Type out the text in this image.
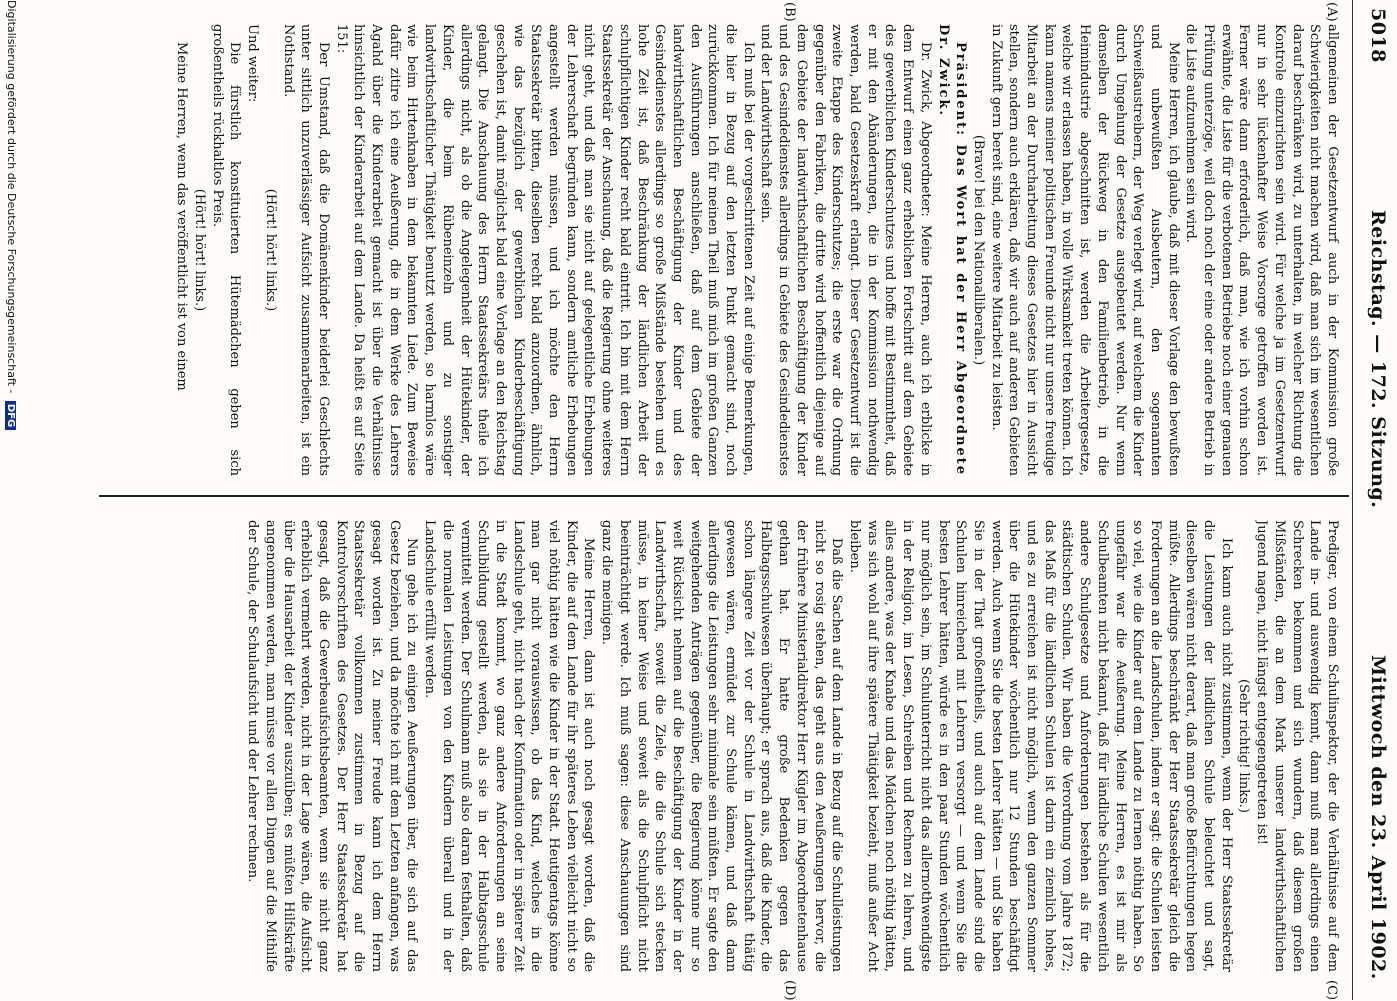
5018
Reichstag. — 172. Sitzung.
Mittwoch den 23. April 1902.
(A)
(B)
(C)
(D)

allgemeinen der Gesetzentwurf auch in der Kommission große Schwierigkeiten nicht machen wird, daß man sich im wesentlichen darauf beschränken wird, zu unterhalten, in welcher Richtung die Kontrole einzurichten sein wird. Für welche ja im Gesetzentwurf nur in sehr lückenhafter Weise Vorsorge getroffen worden ist. Ferner wäre dann erforderlich, daß man, wie ich vorhin schon erwähnte, die Liste für die verbotenen Betriebe noch einer genauen Prüfung unterzöge, weil doch noch der eine oder andere Betrieb in die Liste aufzunehmen sein wird.

Meine Herren, ich glaube, daß mit dieser Vorlage den bewußten und unbewußten Ausbeutern, den sogenannten Schweißaustreibern, der Weg verlegt wird, auf welchem die Kinder durch Umgehung der Gesetze ausgebeutet werden. Nur wenn demselben der Rückweg in den Familienbetrieb, in die Heimindustrie abgeschnitten ist, werden die Arbeitergesetze, welche wir erlassen haben, in volle Wirksamkeit treten können. Ich kann namens meiner politischen Freunde nicht nur unsere freudige Mitarbeit an der Durcharbeitung dieses Gesetzes hier in Aussicht stellen, sondern auch erklären, daß wir auch auf anderen Gebieten in Zukunft gern bereit sind, eine weitere Mitarbeit zu leisten.

(Bravo! bei den Nationalliberalen.)

Präsident: Das Wort hat der Herr Abgeordnete Dr. Zwick.

Dr. Zwick, Abgeordneter: Meine Herren, auch ich erblicke in dem Entwurf einen ganz erheblichen Fortschritt auf dem Gebiete des gewerblichen Kinderschutzes und hoffe mit Bestimmtheit, daß er mit den Abänderungen, die in der Kommission nothwendig werden, bald Gesetzeskraft erlangt. Dieser Gesetzentwurf ist die zweite Etappe des Kinderschutzes; die erste war die Ordnung gegenüber den Fabriken, die dritte wird hoffentlich diejenige auf dem Gebiete der landwirthschaftlichen Beschäftigung der Kinder und des Gesindedienstes allerdings in Gebiete des Gesindedienstes und der Landwirthschaft sein.

Ich muß bei der vorgeschrittenen Zeit auf einige Bemerkungen, die hier in Bezug auf den letzten Punkt gemacht sind, noch zurückkommen. Ich für meinen Theil muß mich im großen Ganzen den Ausführungen anschließen, daß auf dem Gebiete der landwirthschaftlichen Beschäftigung der Kinder und des Gesindedienstes allerdings so große Mißstände bestehen und es hohe Zeit ist, daß Beschränkung der ländlichen Arbeit der schulpflichtigen Kinder recht bald eintritt. Ich bin mit dem Herrn Staatssekretär der Anschauung, daß die Regierung ohne weiteres nicht geht, und daß man sie nicht auf gelegentliche Erhebungen der Lehrerschaft begründen kann, sondern amtliche Erhebungen angestellt werden müssen, und ich möchte den Herrn Staatssekretär bitten, dieselben recht bald anzuordnen, ähnlich, wie das bezüglich der gewerblichen Kinderbeschäftigung geschehen ist, damit möglichst bald eine Vorlage an den Reichstag gelangt. Die Anschauung des Herrn Staatssekretärs theile ich allerdings nicht, als ob die Angelegenheit der Hütekinder, der Kinder, die beim Rübeneinzeln und zu sonstiger landwirthschaftlicher Thätigkeit benutzt werden, so harmlos wäre wie beim Hirtenknaben in dem bekannten Liede. Zum Beweise dafür zitire ich eine Aeußerung, die in dem Werke des Lehrers Agahd über die Kinderarbeit gemacht ist über die Verhältnisse hinsichtlich der Kinderarbeit auf dem Lande. Da heißt es auf Seite 151:

Der Umstand, daß die Domänenkinder beiderlei Geschlechts unter sittlich unzuverlässiger Aufsicht zusammenarbeiten, ist ein Nothstand.

(Hört! hört! links.)

Und weiter:

Die fürstlich konstituierten Hütemädchen geben sich großentheils rückhaltlos Preis.

(Hört! hört! links.)

Meine Herren, wenn das veröffentlicht ist von einem

Prediger, von einem Schulinspektor, der die Verhältnisse auf dem Lande in- und auswendig kennt, dann muß man allerdings einen Schrecken bekommen und sich wundern, daß diesem großen Mißständen, die an dem Mark unserer landwirthschaftlichen Jugend nagen, nicht längst entgegengetreten ist!

(Sehr richtig! links.)

Ich kann auch nicht zustimmen, wenn der Herr Staatssekretär die Leistungen der ländlichen Schule beleuchtet und sagt, dieselben wären nicht derart, daß man große Befürchtungen hegen müßte. Allerdings beschränkt der Herr Staatssekretär gleich die Forderungen an die Landschulen, indem er sagt: die Schulen leisten so viel, wie die Kinder auf dem Lande zu lernen nöthig haben. So ungefähr war die Aeußerung. Meine Herren, es ist mir als Schulbeamten nicht bekannt, daß für ländliche Schulen wesentlich andere Schulgesetze und Anforderungen bestehen als für die städtischen Schulen. Wir haben die Verordnung vom Jahre 1872; das Maß für die ländlichen Schulen ist darin ein ziemlich hohes, und es zu erreichen ist nicht möglich, wenn den ganzen Sommer über die Hütekinder wöchentlich nur 12 Stunden beschäftigt werden. Auch wenn Sie die besten Lehrer hätten — und Sie haben Sie in der That großentheils, und auch auf dem Lande sind die Schulen hinreichend mit Lehrern versorgt — und wenn Sie die besten Lehrer hätten, würde es in den paar Stunden wöchentlich nur möglich sein, im Schulunterricht nicht das allernothwendigste in der Religion, im Lesen, Schreiben und Rechnen zu lehren, und alles andere, was der Knabe und das Mädchen noch nöthig hätten, was sich wohl auf ihre spätere Thätigkeit bezieht, muß außer Acht bleiben.

Daß die Sachen auf dem Lande in Bezug auf die Schulleistungen nicht so rosig stehen, das geht aus den Aeußerungen hervor, die der frühere Ministerialdirektor Herr Kügler im Abgeordnetenhause gethan hat. Er hatte große Bedenken gegen das Halbtagsschulwesen überhaupt; er sprach aus, daß die Kinder, die schon längere Zeit vor der Schule in Landwirthschaft thätig gewesen wären, ermüdet zur Schule kämen, und daß dann allerdings die Leistungen sehr minimale sein müßten. Er sagte den weitgehenden Anträgen gegenüber, die Regierung könne nur so weit Rücksicht nehmen auf die Beschäftigung der Kinder in der Landwirthschaft, soweit die Ziele, die die Schule sich stecken müsse, in keiner Weise und soweit als die Schulpflicht nicht beeinträchtigt werde. Ich muß sagen: diese Anschauungen sind ganz die meinigen.

Meine Herren, dann ist auch noch gesagt worden, daß die Kinder, die auf dem Lande für ihr späteres Leben vielleicht nicht so viel nöthig hätten wie die Kinder in der Stadt. Heutigentags könne man gar nicht vorauswissen, ob das Kind, welches in die Landschule geht, nicht nach der Konfirmation oder in späterer Zeit in die Stadt kommt, wo ganz andere Anforderungen an seine Schulbildung gestellt werden, als sie in der Halbtagsschule vermittelt werden. Der Schulmann muß also daran festhalten, daß die normalen Leistungen von den Kindern überall und in der Landschule erfüllt werden.

Nun gehe ich zu einigen Aeußerungen über, die sich auf das Gesetz beziehen, und da möchte ich mit dem Letzten anfangen, was gesagt worden ist. Zu meiner Freude kann ich dem Herrn Staatssekretär vollkommen zustimmen in Bezug auf die Kontrolvorschriften des Gesetzes. Der Herr Staatssekretär hat gesagt, daß die Gewerbeaufsichtsbeamten, wenn sie nicht ganz erheblich vermehrt werden, nicht in der Lage wären, die Aufsicht über die Hausarbeit der Kinder auszuüben; es müßten Hilfskräfte angenommen werden, man müsse vor allen Dingen auf die Mithilfe der Schule, der Schulaufsicht und der Lehrer rechnen.

Digitalisierung gefördert durch die Deutsche Forschungsgemeinschaft - DFG
